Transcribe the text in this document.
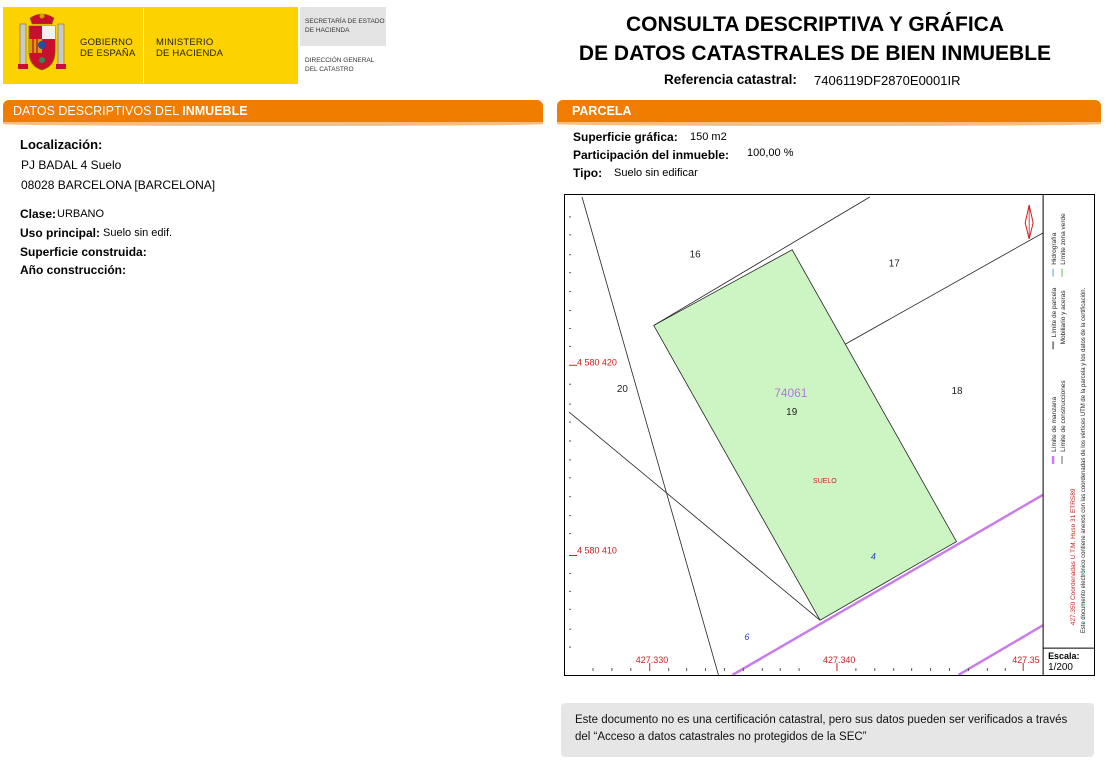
GOBIERNO
DE ESPAÑA
MINISTERIO
DE HACIENDA
SECRETARÍA DE ESTADO
DE HACIENDA
DIRECCIÓN GENERAL
DEL CATASTRO
CONSULTA DESCRIPTIVA Y GRÁFICA
DE DATOS CATASTRALES DE BIEN INMUEBLE
Referencia catastral: 7406119DF2870E0001IR
DATOS DESCRIPTIVOS DEL INMUEBLE
Localización:
PJ BADAL 4 Suelo
08028 BARCELONA [BARCELONA]
Clase: URBANO
Uso principal: Suelo sin edif.
Superficie construida:
Año construcción:
PARCELA
Superficie gráfica: 150 m2
Participación del inmueble: 100,00 %
Tipo: Suelo sin edificar
4 580 420
4 580 410
427.330	427.340	427.35
74061
19
SUELO
16
17
18
20
4
6
Límite de manzana Límite de construcciones
Límite de parcela Mobiliario y aceras
Hidrografía Límite zona verde
427.350 Coordenadas U.T.M. Huso 31 ETRS89 Este documento electrónico contiene anexos con las coordenadas de los vértices UTM de la parcela y los datos de la certificación.
Escala:
1/200
Este documento no es una certificación catastral, pero sus datos pueden ser verificados a través del “Acceso a datos catastrales no protegidos de la SEC”
